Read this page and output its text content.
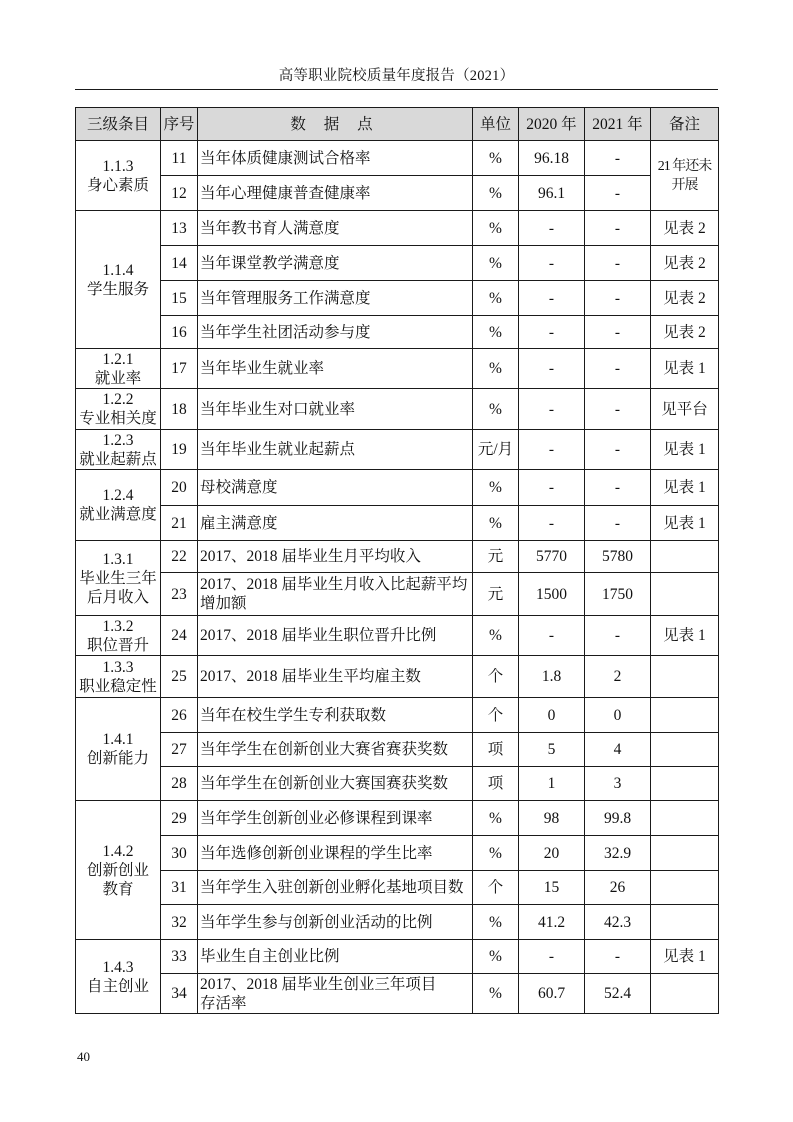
高等职业院校质量年度报告（2021）
三级条目	序号	数 据 点	单位	2020 年	2021 年	备注

1.1.3
身心素质	11	当年体质健康测试合格率	%	96.18	-	21 年还未
开展

	12	当年心理健康普查健康率	%	96.1	-	

1.1.4
学生服务	13	当年教书育人满意度	%	-	-	见表 2
	14	当年课堂教学满意度	%	-	-	见表 2
	15	当年管理服务工作满意度	%	-	-	见表 2
	16	当年学生社团活动参与度	%	-	-	见表 2

1.2.1
就业率	17	当年毕业生就业率	%	-	-	见表 1

1.2.2
专业相关度	18	当年毕业生对口就业率	%	-	-	见平台

1.2.3
就业起薪点	19	当年毕业生就业起薪点	元/月	-	-	见表 1

1.2.4
就业满意度	20	母校满意度	%	-	-	见表 1
	21	雇主满意度	%	-	-	见表 1

1.3.1
毕业生三年
后月收入	22	2017、2018 届毕业生月平均收入	元	5770	5780	
	23	2017、2018 届毕业生月收入比起薪平均
增加额	元	1500	1750	

1.3.2
职位晋升	24	2017、2018 届毕业生职位晋升比例	%	-	-	见表 1

1.3.3
职业稳定性	25	2017、2018 届毕业生平均雇主数	个	1.8	2	

1.4.1
创新能力	26	当年在校生学生专利获取数	个	0	0	
	27	当年学生在创新创业大赛省赛获奖数	项	5	4	
	28	当年学生在创新创业大赛国赛获奖数	项	1	3	

1.4.2
创新创业
教育	29	当年学生创新创业必修课程到课率	%	98	99.8	
	30	当年选修创新创业课程的学生比率	%	20	32.9	
	31	当年学生入驻创新创业孵化基地项目数	个	15	26	
	32	当年学生参与创新创业活动的比例	%	41.2	42.3	

1.4.3
自主创业	33	毕业生自主创业比例	%	-	-	见表 1
	34	2017、2018 届毕业生创业三年项目
存活率	%	60.7	52.4	
40
